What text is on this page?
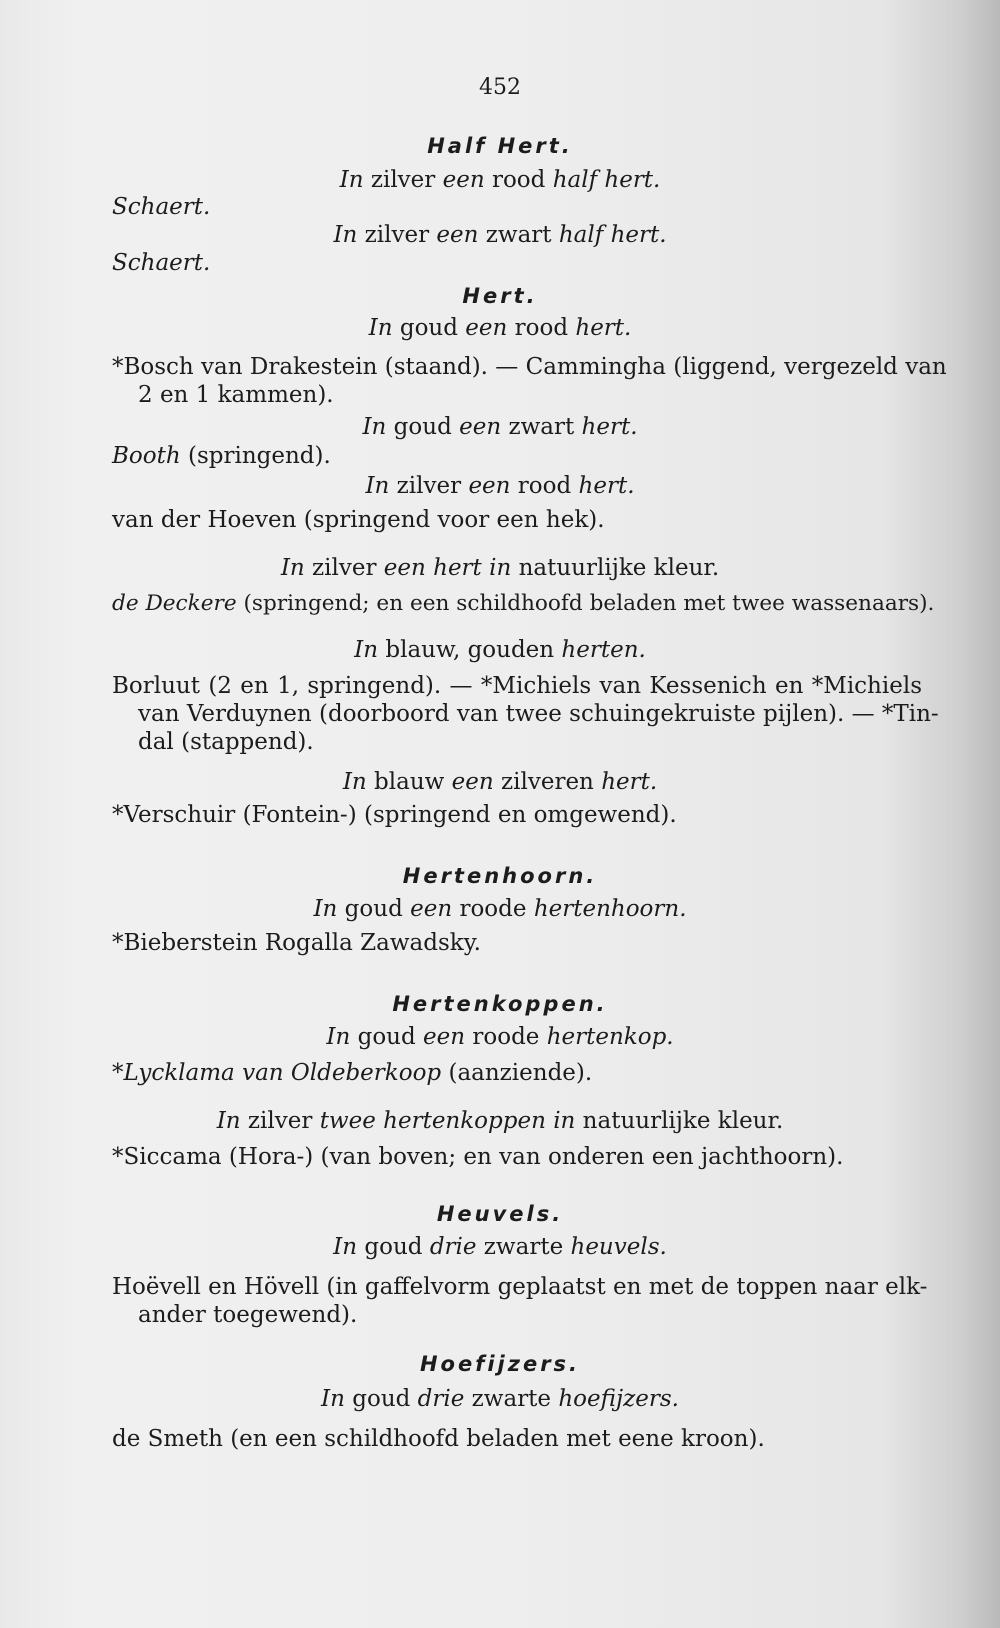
452
Half Hert.
In zilver een rood half hert.
Schaert.
In zilver een zwart half hert.
Schaert.
Hert.
In goud een rood hert.
*Bosch van Drakestein (staand). — Cammingha (liggend, vergezeld van
2 en 1 kammen).
In goud een zwart hert.
Booth (springend).
In zilver een rood hert.
van der Hoeven (springend voor een hek).
In zilver een hert in natuurlijke kleur.
de Deckere (springend; en een schildhoofd beladen met twee wassenaars).
In blauw, gouden herten.
Borluut (2 en 1, springend). — *Michiels van Kessenich en *Michiels
van Verduynen (doorboord van twee schuingekruiste pijlen). — *Tin-
dal (stappend).
In blauw een zilveren hert.
*Verschuir (Fontein-) (springend en omgewend).
Hertenhoorn.
In goud een roode hertenhoorn.
*Bieberstein Rogalla Zawadsky.
Hertenkoppen.
In goud een roode hertenkop.
*Lycklama van Oldeberkoop (aanziende).
In zilver twee hertenkoppen in natuurlijke kleur.
*Siccama (Hora-) (van boven; en van onderen een jachthoorn).
Heuvels.
In goud drie zwarte heuvels.
Hoëvell en Hövell (in gaffelvorm geplaatst en met de toppen naar elk-
ander toegewend).
Hoefijzers.
In goud drie zwarte hoefijzers.
de Smeth (en een schildhoofd beladen met eene kroon).
